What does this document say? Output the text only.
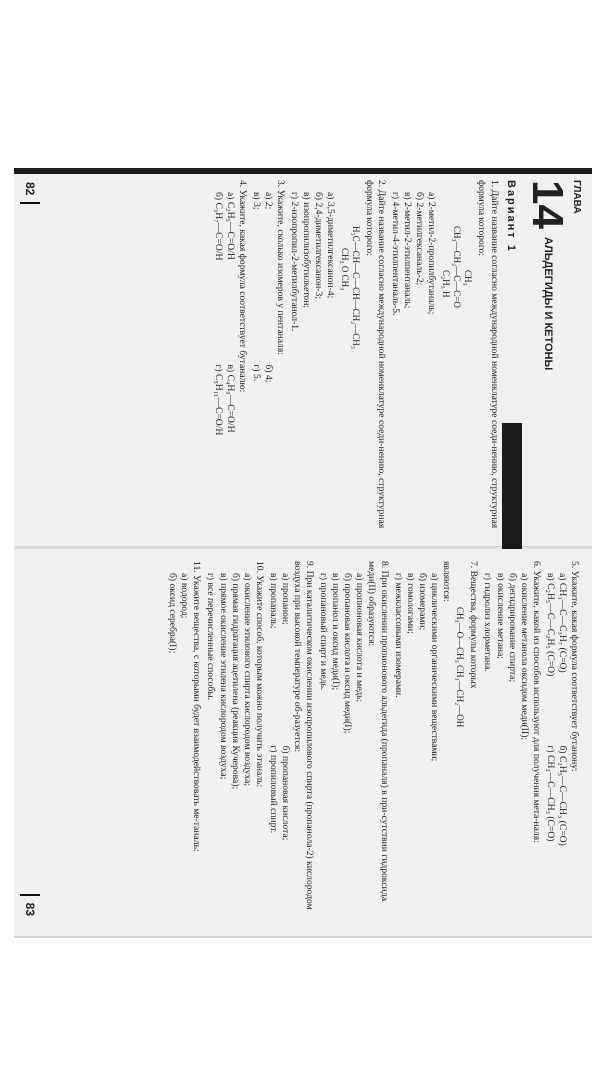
ГЛАВА
14
АЛЬДЕГИДЫ И КЕТОНЫ
Вариант 1

1. Дайте название согласно международной номенклатуре соеди-нению, структурная формула которого:

CH₃
CH₃—CH₂—C—C=O
C₂H₅ H

а) 2-метил-2-пропилбутаналь;

б) 2-метилгексаналь-2;

в) 2-метил-2-этилпентаналь;

г) 4-метил-4-этилпентаналь-5.

2. Дайте название согласно международной номенклатуре соеди-нению, структурная формула которого:

H₃C—CH—C—CH—CH₂—CH₃
CH₃ O CH₃

а) 3,5-диметилгексанон-4;

б) 2,4-диметилгексанон-3;

в) изопропилизобутилкетон;

г) 2-изопропил-2-метилбутанол-1.

3. Укажите, сколько изомеров у пентаналя:

а) 2;

в) 3;

б) 4;

г) 5.

4. Укажите, какая формула соответствует бутаналю:

а) C₂H₅—C=O/H

б) C₃H₇—C=O/H

в) C₄H₉—C=O/H

г) C₅H₁₁—C=O/H

82

5. Укажите, какая формула соответствует бутанону:

а) CH₃—C—C₃H₇ (C=O)

в) C₂H₅—C—C₂H₅ (C=O)

б) C₂H₅—C—CH₃ (C=O)

г) CH₃—C—CH₃ (C=O)

6. Укажите, какой из способов используют для получения мета-наля:

а) окисление метанола оксидом меди(II);

б) дегидрирование спирта;

в) окисление метана;

г) гидролиз хлорметана.

7. Вещества, формулы которых

CH₃—O—CH₃ CH₃—CH₂—OH

являются:

а) циклическими органическими веществами;

б) изомерами;

в) гомологами;

г) межклассовыми изомерами.

8. При окислении пропионового альдегида (пропаналя) в при-сутствии гидроксида меди(II) образуются:

а) пропионовая кислота и медь;

б) пропановая кислота и оксид меди(I);

в) пропанол и оксид меди(I);

г) пропановый спирт и медь.

9. При каталитическом окислении изопропилового спирта (пропанола-2) кислородом воздуха при высокой температуре об-разуется:

а) пропанон;

в) пропаналь;

б) пропановая кислота;

г) пропиловый спирт.

10. Укажите способ, которым можно получить этаналь:

а) окисление этилового спирта кислородом воздуха;

б) прямая гидратация ацетилена (реакция Кучерова);

в) прямое окисление этилена кислородом воздуха;

г) все перечисленные способы.

11. Укажите вещества, с которыми будет взаимодействовать ме-таналь:

а) водород;

б) оксид серебра(I);

83
